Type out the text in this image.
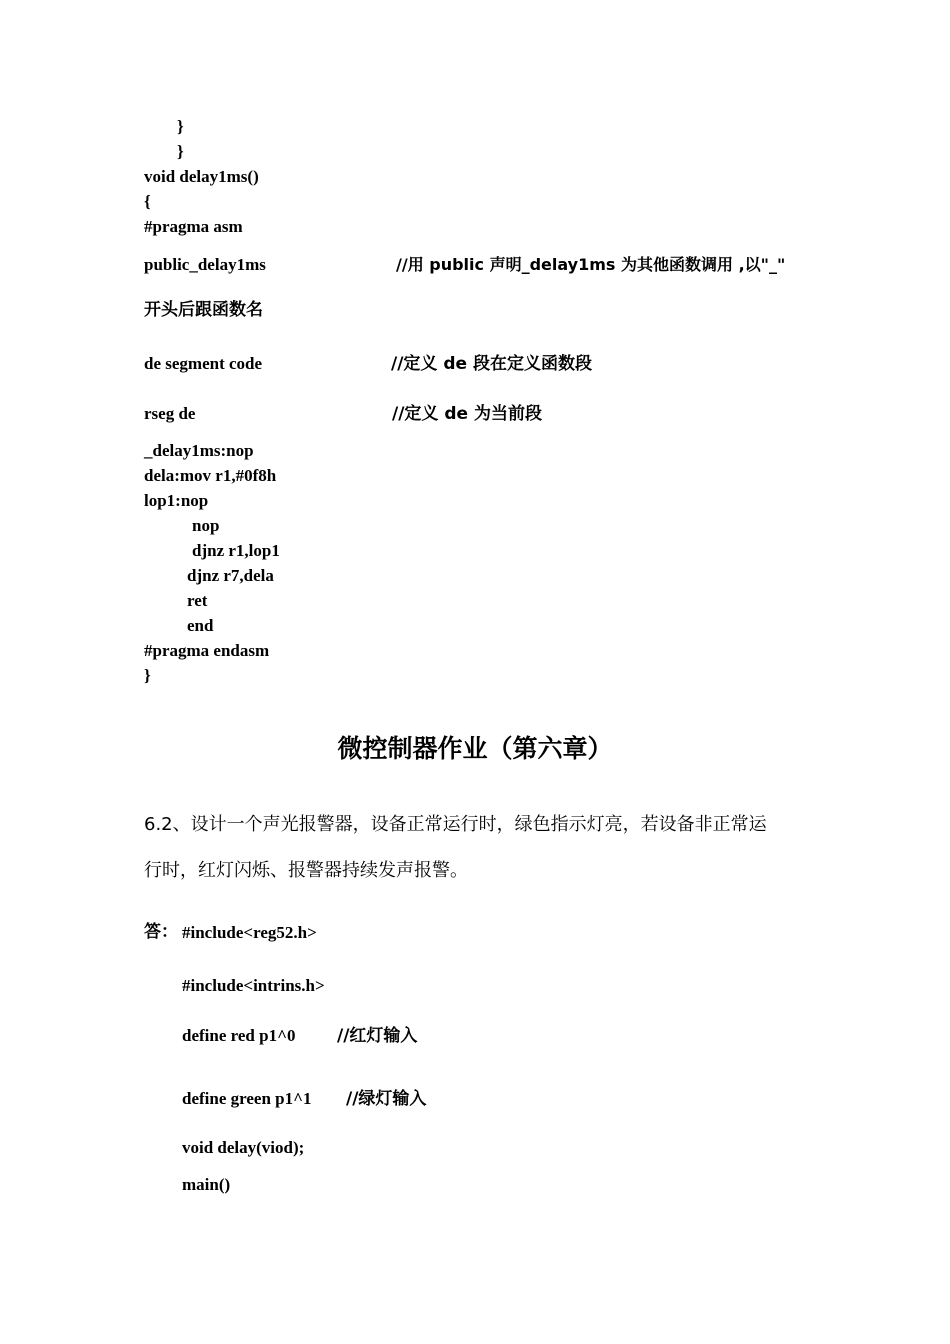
}
}
void delay1ms()
{
#pragma asm
public_delay1ms	//用 public 声明_delay1ms 为其他函数调用 ,以"_"
开头后跟函数名
de segment code	//定义 de 段在定义函数段
rseg de	//定义 de 为当前段
_delay1ms:nop
dela:mov r1,#0f8h
lop1:nop
nop
djnz r1,lop1
djnz r7,dela
ret
end
#pragma endasm
}
微控制器作业（第六章）
6.2、设计一个声光报警器，设备正常运行时，绿色指示灯亮，若设备非正常运
行时，红灯闪烁、报警器持续发声报警。
答： #include<reg52.h>
#include<intrins.h>
define red p1^0 //红灯输入
define green p1^1 //绿灯输入
void delay(viod);
main()
